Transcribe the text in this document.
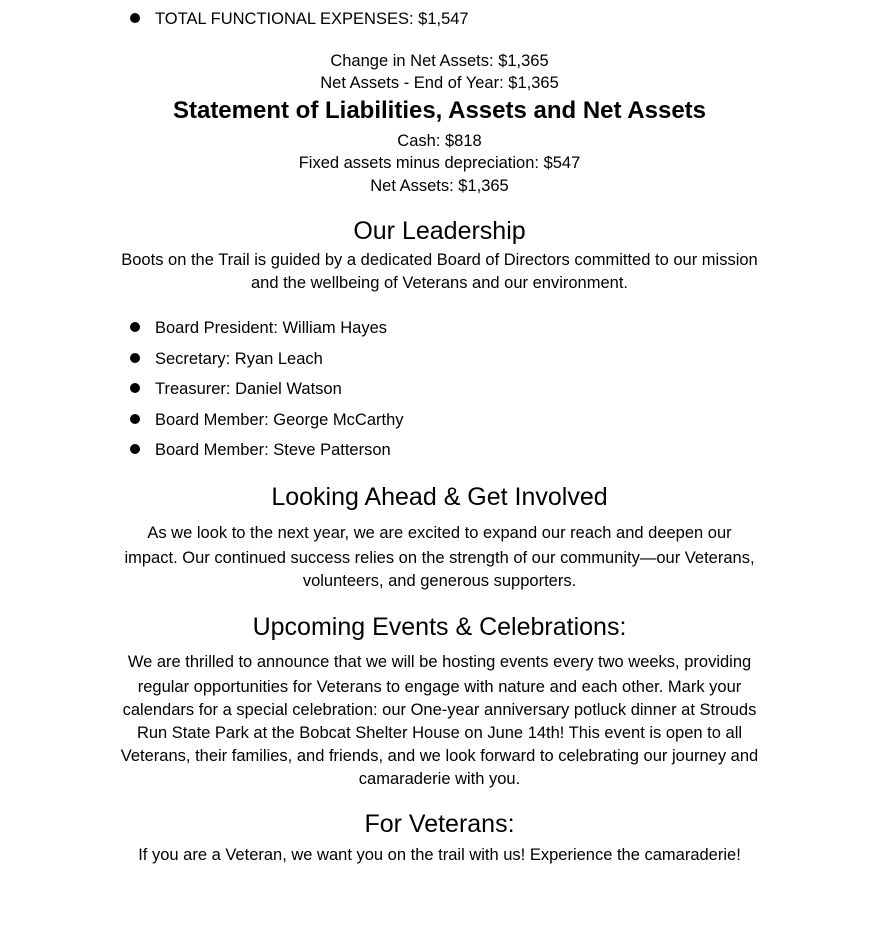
TOTAL FUNCTIONAL EXPENSES: $1,547
Change in Net Assets: $1,365
Net Assets - End of Year: $1,365
Statement of Liabilities, Assets and Net Assets
Cash: $818
Fixed assets minus depreciation: $547
Net Assets: $1,365
Our Leadership
Boots on the Trail is guided by a dedicated Board of Directors committed to our mission
and the wellbeing of Veterans and our environment.
Board President: William Hayes
Secretary: Ryan Leach
Treasurer: Daniel Watson
Board Member: George McCarthy
Board Member: Steve Patterson
Looking Ahead & Get Involved
As we look to the next year, we are excited to expand our reach and deepen our
impact. Our continued success relies on the strength of our community—our Veterans,
volunteers, and generous supporters.
Upcoming Events & Celebrations:
We are thrilled to announce that we will be hosting events every two weeks, providing
regular opportunities for Veterans to engage with nature and each other. Mark your
calendars for a special celebration: our One-year anniversary potluck dinner at Strouds
Run State Park at the Bobcat Shelter House on June 14th! This event is open to all
Veterans, their families, and friends, and we look forward to celebrating our journey and
camaraderie with you.
For Veterans:
If you are a Veteran, we want you on the trail with us! Experience the camaraderie!
